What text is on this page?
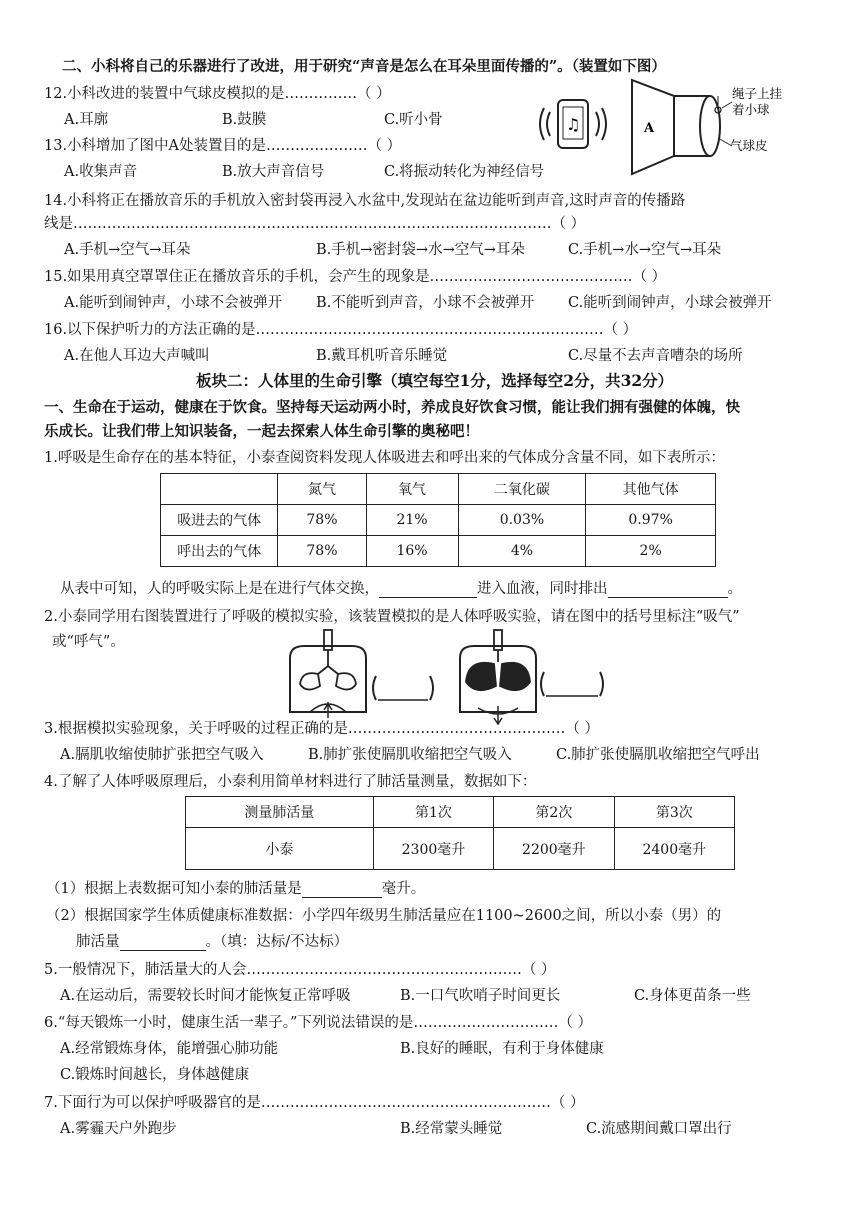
二、小科将自己的乐器进行了改进，用于研究“声音是怎么在耳朵里面传播的”。（装置如下图）
12.小科改进的装置中气球皮模拟的是……………（ ）
A.耳廓	B.鼓膜	C.听小骨
13.小科增加了图中A处装置目的是…………………（ ）
A.收集声音	B.放大声音信号	C.将振动转化为神经信号
♫	A
绳子上挂
着小球
气球皮
14.小科将正在播放音乐的手机放入密封袋再浸入水盆中,发现站在盆边能听到声音,这时声音的传播路
线是………………………………………………………………………………………（ ）
A.手机→空气→耳朵	B.手机→密封袋→水→空气→耳朵	C.手机→水→空气→耳朵
15.如果用真空罩罩住正在播放音乐的手机，会产生的现象是……………………………………（ ）
A.能听到闹钟声，小球不会被弹开 B.不能听到声音，小球不会被弹开 C.能听到闹钟声，小球会被弹开
16.以下保护听力的方法正确的是………………………………………………………………（ ）
A.在他人耳边大声喊叫	B.戴耳机听音乐睡觉	C.尽量不去声音嘈杂的场所
板块二：人体里的生命引擎（填空每空1分，选择每空2分，共32分）
一、生命在于运动，健康在于饮食。坚持每天运动两小时，养成良好饮食习惯，能让我们拥有强健的体魄，快
乐成长。让我们带上知识装备，一起去探索人体生命引擎的奥秘吧！
1.呼吸是生命存在的基本特征，小泰查阅资料发现人体吸进去和呼出来的气体成分含量不同，如下表所示：
	氮气	氧气	二氧化碳	其他气体
吸进去的气体	78%	21%	0.03%	0.97%
呼出去的气体	78%	16%	4%	2%
从表中可知，人的呼吸实际上是在进行气体交换，	进入血液，同时排出	。
2.小泰同学用右图装置进行了呼吸的模拟实验，该装置模拟的是人体呼吸实验，请在图中的括号里标注“吸气”
或“呼气”。
3.根据模拟实验现象，关于呼吸的过程正确的是………………………………………（ ）
A.膈肌收缩使肺扩张把空气吸入	B.肺扩张使膈肌收缩把空气吸入	C.肺扩张使膈肌收缩把空气呼出
4.了解了人体呼吸原理后，小泰利用简单材料进行了肺活量测量，数据如下：
测量肺活量	第1次	第2次	第3次
小泰	2300毫升	2200毫升	2400毫升
（1）根据上表数据可知小泰的肺活量是	毫升。
（2）根据国家学生体质健康标准数据：小学四年级男生肺活量应在1100~2600之间，所以小泰（男）的
肺活量	。（填：达标/不达标）
5.一般情况下，肺活量大的人会…………………………………………………（ ）
A.在运动后，需要较长时间才能恢复正常呼吸	B.一口气吹哨子时间更长	C.身体更苗条一些
6.“每天锻炼一小时，健康生活一辈子。”下列说法错误的是…………………………（ ）
A.经常锻炼身体，能增强心肺功能	B.良好的睡眠，有利于身体健康
C.锻炼时间越长，身体越健康
7.下面行为可以保护呼吸器官的是……………………………………………………（ ）
A.雾霾天户外跑步	B.经常蒙头睡觉	C.流感期间戴口罩出行
